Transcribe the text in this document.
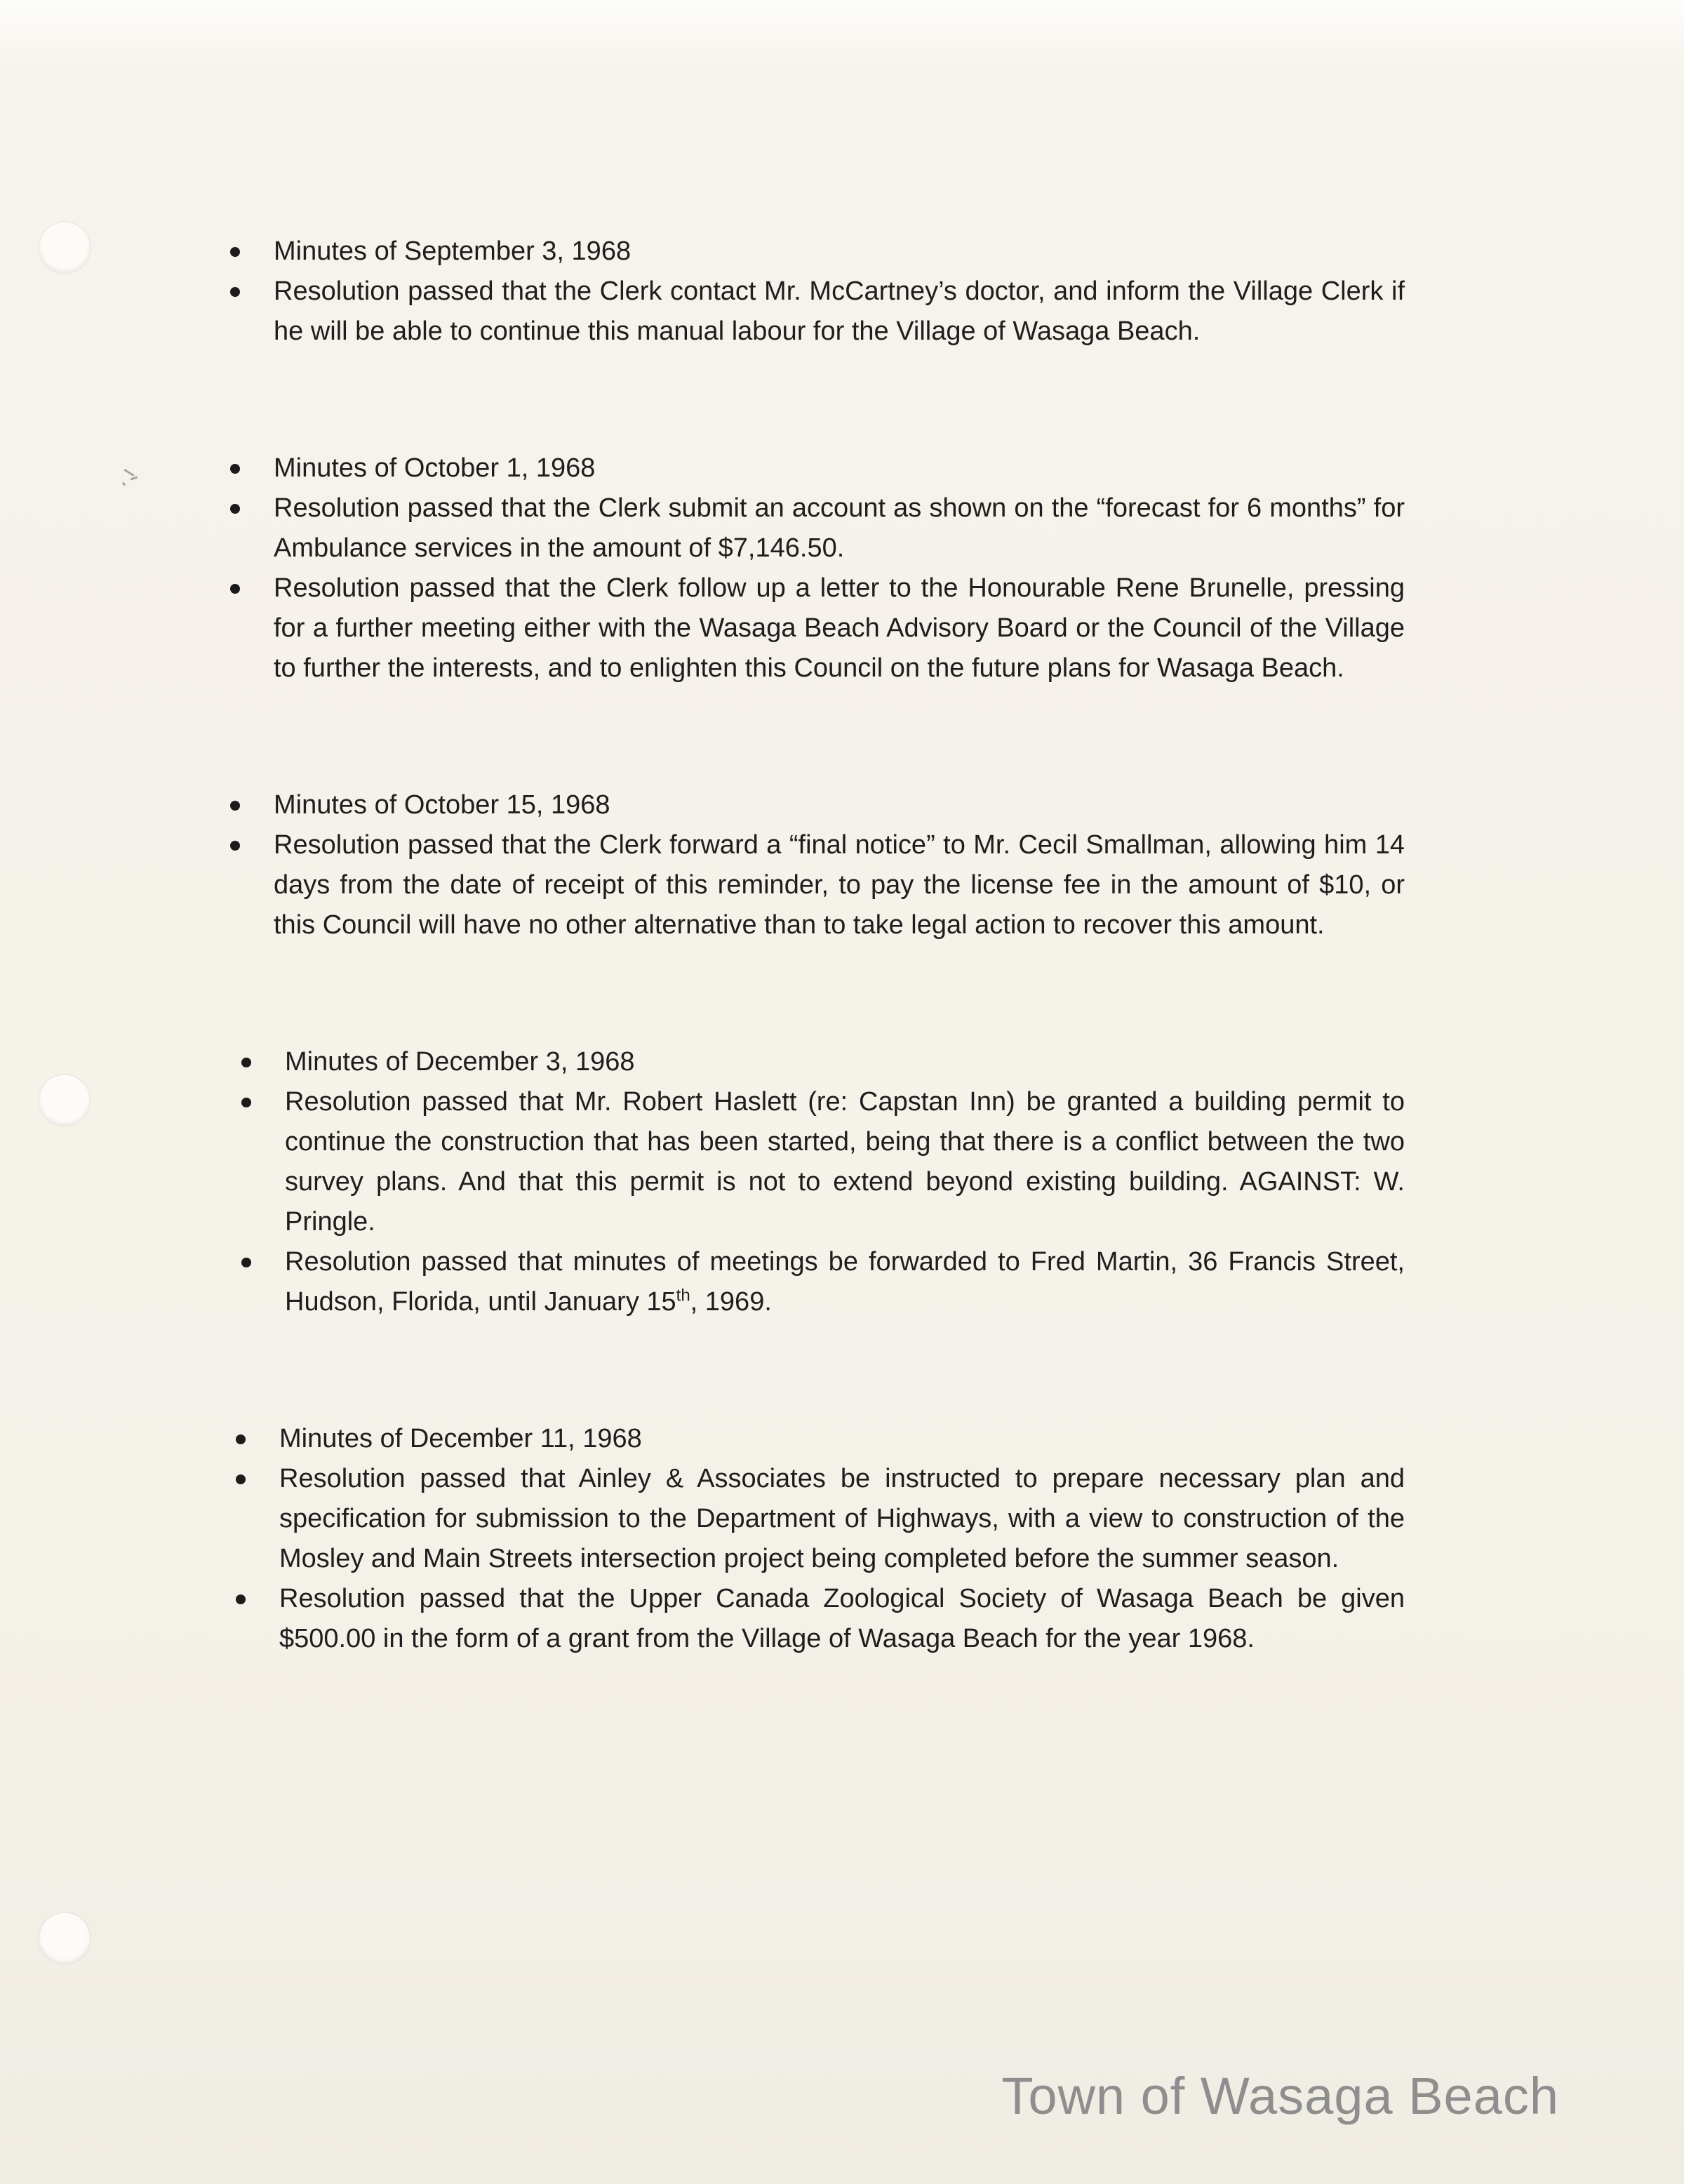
Minutes of September 3, 1968
Resolution passed that the Clerk contact Mr. McCartney’s doctor, and inform the Village Clerk if he will be able to continue this manual labour for the Village of Wasaga Beach.
Minutes of October 1, 1968
Resolution passed that the Clerk submit an account as shown on the “forecast for 6 months” for Ambulance services in the amount of $7,146.50.
Resolution passed that the Clerk follow up a letter to the Honourable Rene Brunelle, pressing for a further meeting either with the Wasaga Beach Advisory Board or the Council of the Village to further the interests, and to enlighten this Council on the future plans for Wasaga Beach.
Minutes of October 15, 1968
Resolution passed that the Clerk forward a “final notice” to Mr. Cecil Smallman, allowing him 14 days from the date of receipt of this reminder, to pay the license fee in the amount of $10, or this Council will have no other alternative than to take legal action to recover this amount.
Minutes of December 3, 1968
Resolution passed that Mr. Robert Haslett (re: Capstan Inn) be granted a building permit to continue the construction that has been started, being that there is a conflict between the two survey plans. And that this permit is not to extend beyond existing building. AGAINST: W. Pringle.
Resolution passed that minutes of meetings be forwarded to Fred Martin, 36 Francis Street, Hudson, Florida, until January 15th, 1969.
Minutes of December 11, 1968
Resolution passed that Ainley & Associates be instructed to prepare necessary plan and specification for submission to the Department of Highways, with a view to construction of the Mosley and Main Streets intersection project being completed before the summer season.
Resolution passed that the Upper Canada Zoological Society of Wasaga Beach be given $500.00 in the form of a grant from the Village of Wasaga Beach for the year 1968.
Town of Wasaga Beach
